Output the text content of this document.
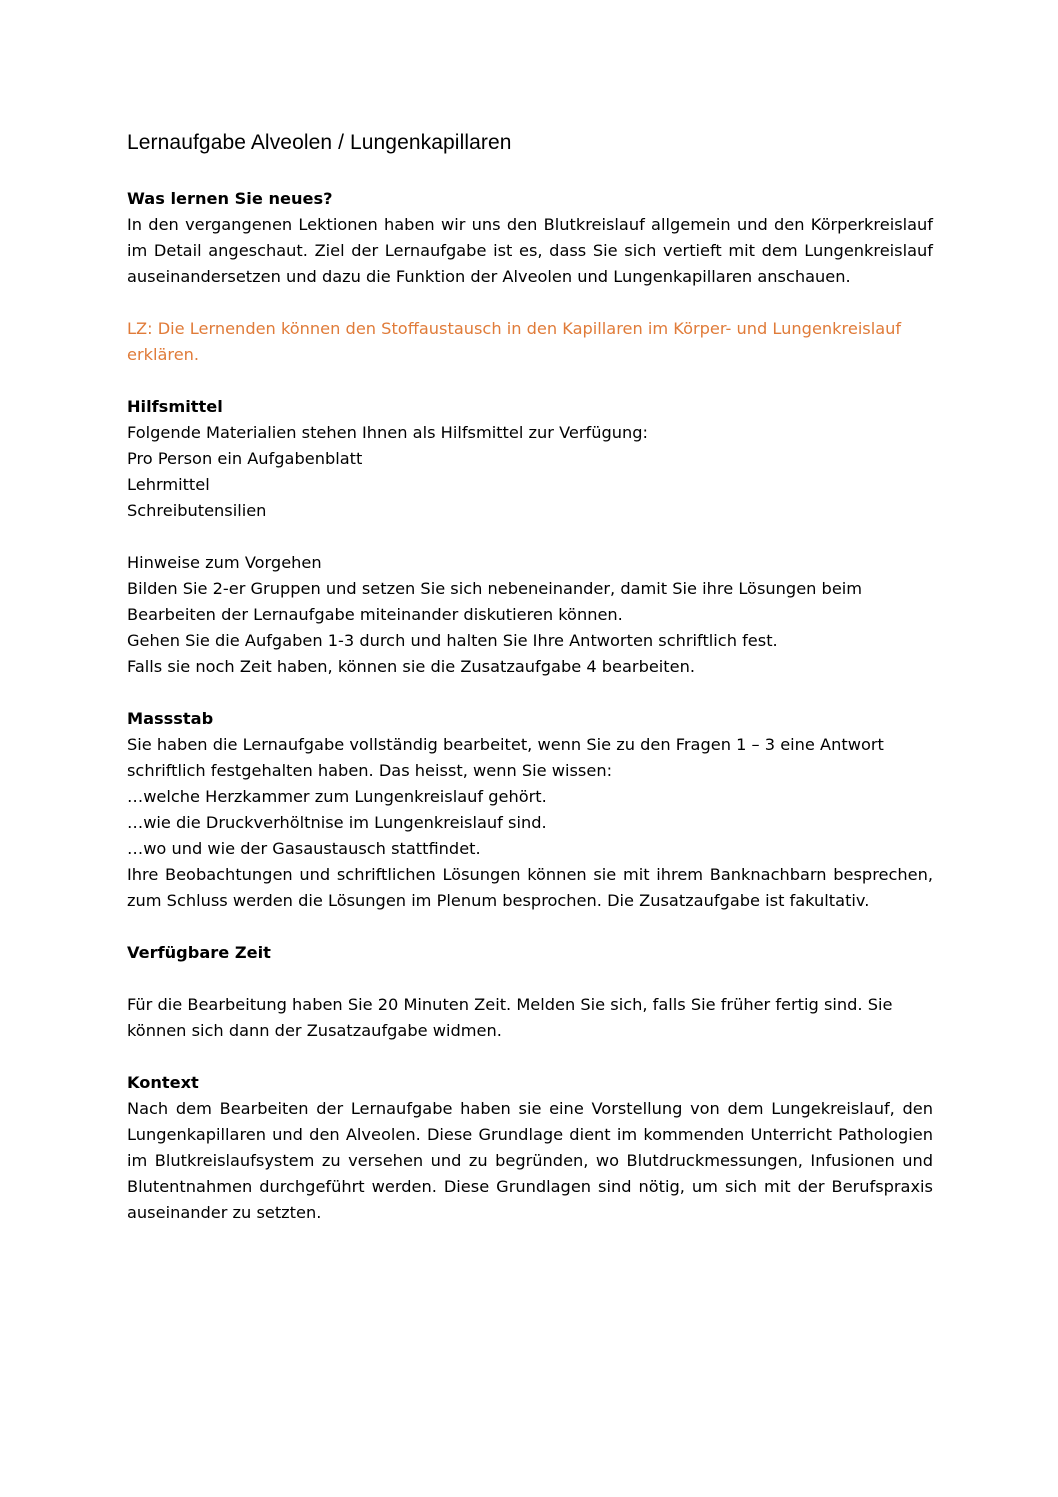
Lernaufgabe Alveolen / Lungenkapillaren

Was lernen Sie neues?

In den vergangenen Lektionen haben wir uns den Blutkreislauf allgemein und den Körperkreislauf im Detail angeschaut. Ziel der Lernaufgabe ist es, dass Sie sich vertieft mit dem Lungenkreislauf auseinandersetzen und dazu die Funktion der Alveolen und Lungenkapillaren anschauen.

LZ: Die Lernenden können den Stoffaustausch in den Kapillaren im Körper- und Lungenkreislauf erklären.

Hilfsmittel

Folgende Materialien stehen Ihnen als Hilfsmittel zur Verfügung:
Pro Person ein Aufgabenblatt
Lehrmittel
Schreibutensilien
Hinweise zum Vorgehen
Bilden Sie 2-er Gruppen und setzen Sie sich nebeneinander, damit Sie ihre Lösungen beim
Bearbeiten der Lernaufgabe miteinander diskutieren können.
Gehen Sie die Aufgaben 1-3 durch und halten Sie Ihre Antworten schriftlich fest.
Falls sie noch Zeit haben, können sie die Zusatzaufgabe 4 bearbeiten.

Massstab

Sie haben die Lernaufgabe vollständig bearbeitet, wenn Sie zu den Fragen 1 – 3 eine Antwort schriftlich festgehalten haben. Das heisst, wenn Sie wissen:

…welche Herzkammer zum Lungenkreislauf gehört.
…wie die Druckverhöltnise im Lungenkreislauf sind.
…wo und wie der Gasaustausch stattfindet.

Ihre Beobachtungen und schriftlichen Lösungen können sie mit ihrem Banknachbarn besprechen, zum Schluss werden die Lösungen im Plenum besprochen. Die Zusatzaufgabe ist fakultativ.

Verfügbare Zeit

Für die Bearbeitung haben Sie 20 Minuten Zeit. Melden Sie sich, falls Sie früher fertig sind. Sie können sich dann der Zusatzaufgabe widmen.

Kontext

Nach dem Bearbeiten der Lernaufgabe haben sie eine Vorstellung von dem Lungekreislauf, den Lungenkapillaren und den Alveolen. Diese Grundlage dient im kommenden Unterricht Pathologien im Blutkreislaufsystem zu versehen und zu begründen, wo Blutdruckmessungen, Infusionen und Blutentnahmen durchgeführt werden. Diese Grundlagen sind nötig, um sich mit der Berufspraxis auseinander zu setzten.
